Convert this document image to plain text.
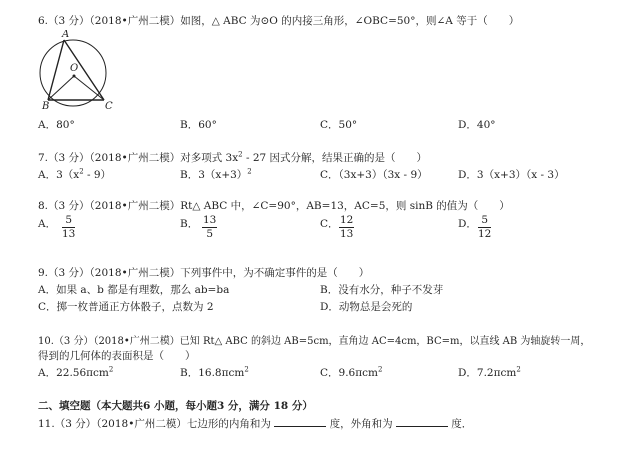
6.（3 分）（2018•广州二模）如图，△ ABC 为⊙O 的内接三角形，∠OBC=50°，则∠A 等于（　　）
A
O
B	C
A．80°	B．60°	C．50°	D．40°
7.（3 分）（2018•广州二模）对多项式 $3x^2 - 27$ 因式分解，结果正确的是（　　）
A．$3(x^2 - 9)$	B．$3(x+3)^2$	C．（3x+3）（3x - 9）	D．3（x+3）（x - 3）
8.（3 分）（2018•广州二模）Rt△ ABC 中，∠C=90°，AB=13，AC=5，则 sinB 的值为（　　）
A． $\frac{5}{13}$	B． $\frac{13}{5}$	C． $\frac{12}{13}$	D． $\frac{5}{12}$
9.（3 分）（2018•广州二模）下列事件中，为不确定事件的是（　　）
A．如果 a、b 都是有理数，那么 ab=ba	B．没有水分，种子不发芽
C．掷一枚普通正方体骰子，点数为 2	D．动物总是会死的
10.（3 分）（2018•广州二模）已知 Rt△ ABC 的斜边 AB=5cm，直角边 AC=4cm，BC=m，以直线 AB 为轴旋转一周，
得到的几何体的表面积是（　　）
A．22.56πcm$^2$	B．16.8πcm$^2$	C．9.6πcm$^2$	D．7.2πcm$^2$
二、填空题（本大题共6 小题，每小题3 分，满分 18 分）
11.（3 分）（2018•广州二模）七边形的内角和为	度，外角和为	度．
